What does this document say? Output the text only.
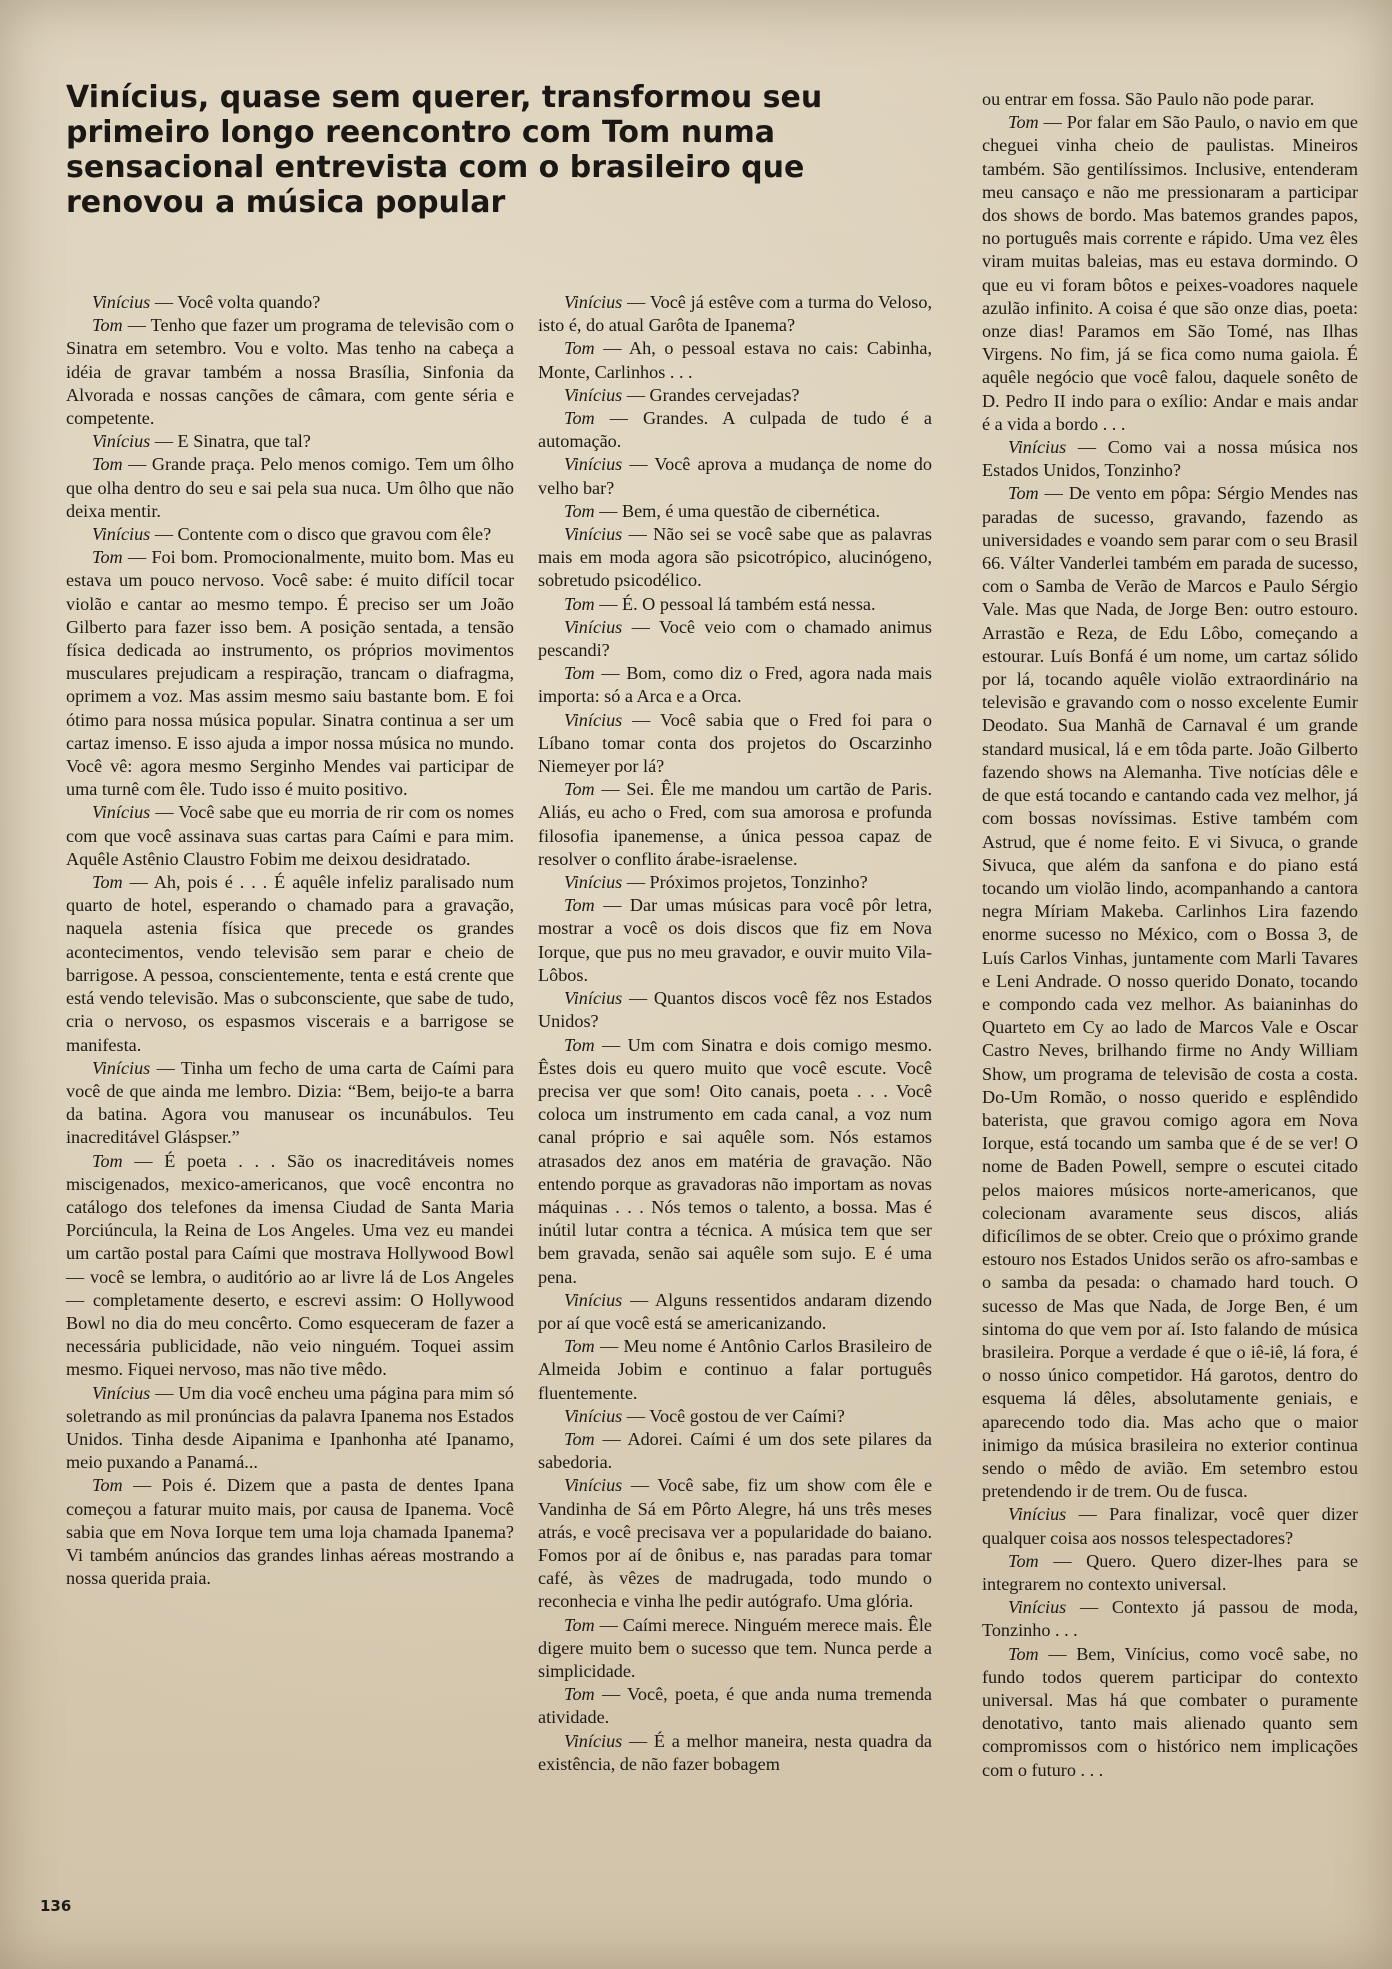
Vinícius, quase sem querer, transformou seu primeiro longo reencontro com Tom numa sensacional entrevista com o brasileiro que renovou a música popular

Vinícius — Você volta quando?

Tom — Tenho que fazer um programa de televisão com o Sinatra em setembro. Vou e volto. Mas tenho na cabeça a idéia de gravar também a nossa Brasília, Sinfonia da Alvorada e nossas canções de câmara, com gente séria e competente.

Vinícius — E Sinatra, que tal?

Tom — Grande praça. Pelo menos comigo. Tem um ôlho que olha dentro do seu e sai pela sua nuca. Um ôlho que não deixa mentir.

Vinícius — Contente com o disco que gravou com êle?

Tom — Foi bom. Promocionalmente, muito bom. Mas eu estava um pouco nervoso. Você sabe: é muito difícil tocar violão e cantar ao mesmo tempo. É preciso ser um João Gilberto para fazer isso bem. A posição sentada, a tensão física dedicada ao instrumento, os próprios movimentos musculares prejudicam a respiração, trancam o diafragma, oprimem a voz. Mas assim mesmo saiu bastante bom. E foi ótimo para nossa música popular. Sinatra continua a ser um cartaz imenso. E isso ajuda a impor nossa música no mundo. Você vê: agora mesmo Serginho Mendes vai participar de uma turnê com êle. Tudo isso é muito positivo.

Vinícius — Você sabe que eu morria de rir com os nomes com que você assinava suas cartas para Caími e para mim. Aquêle Astênio Claustro Fobim me deixou desidratado.

Tom — Ah, pois é . . . É aquêle infeliz paralisado num quarto de hotel, esperando o chamado para a gravação, naquela astenia física que precede os grandes acontecimentos, vendo televisão sem parar e cheio de barrigose. A pessoa, conscientemente, tenta e está crente que está vendo televisão. Mas o subconsciente, que sabe de tudo, cria o nervoso, os espasmos viscerais e a barrigose se manifesta.

Vinícius — Tinha um fecho de uma carta de Caími para você de que ainda me lembro. Dizia: “Bem, beijo-te a barra da batina. Agora vou manusear os incunábulos. Teu inacreditável Gláspser.”

Tom — É poeta . . . São os inacreditáveis nomes miscigenados, mexico-americanos, que você encontra no catálogo dos telefones da imensa Ciudad de Santa Maria Porciúncula, la Reina de Los Angeles. Uma vez eu mandei um cartão postal para Caími que mostrava Hollywood Bowl — você se lembra, o auditório ao ar livre lá de Los Angeles — completamente deserto, e escrevi assim: O Hollywood Bowl no dia do meu concêrto. Como esqueceram de fazer a necessária publicidade, não veio ninguém. Toquei assim mesmo. Fiquei nervoso, mas não tive mêdo.

Vinícius — Um dia você encheu uma página para mim só soletrando as mil pronúncias da palavra Ipanema nos Estados Unidos. Tinha desde Aipanima e Ipanhonha até Ipanamo, meio puxando a Panamá...

Tom — Pois é. Dizem que a pasta de dentes Ipana começou a faturar muito mais, por causa de Ipanema. Você sabia que em Nova Iorque tem uma loja chamada Ipanema? Vi também anúncios das grandes linhas aéreas mostrando a nossa querida praia.

Vinícius — Você já estêve com a turma do Veloso, isto é, do atual Garôta de Ipanema?

Tom — Ah, o pessoal estava no cais: Cabinha, Monte, Carlinhos . . .

Vinícius — Grandes cervejadas?

Tom — Grandes. A culpada de tudo é a automação.

Vinícius — Você aprova a mudança de nome do velho bar?

Tom — Bem, é uma questão de cibernética.

Vinícius — Não sei se você sabe que as palavras mais em moda agora são psicotrópico, alucinógeno, sobretudo psicodélico.

Tom — É. O pessoal lá também está nessa.

Vinícius — Você veio com o chamado animus pescandi?

Tom — Bom, como diz o Fred, agora nada mais importa: só a Arca e a Orca.

Vinícius — Você sabia que o Fred foi para o Líbano tomar conta dos projetos do Oscarzinho Niemeyer por lá?

Tom — Sei. Êle me mandou um cartão de Paris. Aliás, eu acho o Fred, com sua amorosa e profunda filosofia ipanemense, a única pessoa capaz de resolver o conflito árabe-israelense.

Vinícius — Próximos projetos, Tonzinho?

Tom — Dar umas músicas para você pôr letra, mostrar a você os dois discos que fiz em Nova Iorque, que pus no meu gravador, e ouvir muito Vila-Lôbos.

Vinícius — Quantos discos você fêz nos Estados Unidos?

Tom — Um com Sinatra e dois comigo mesmo. Êstes dois eu quero muito que você escute. Você precisa ver que som! Oito canais, poeta . . . Você coloca um instrumento em cada canal, a voz num canal próprio e sai aquêle som. Nós estamos atrasados dez anos em matéria de gravação. Não entendo porque as gravadoras não importam as novas máquinas . . . Nós temos o talento, a bossa. Mas é inútil lutar contra a técnica. A música tem que ser bem gravada, senão sai aquêle som sujo. E é uma pena.

Vinícius — Alguns ressentidos andaram dizendo por aí que você está se americanizando.

Tom — Meu nome é Antônio Carlos Brasileiro de Almeida Jobim e continuo a falar português fluentemente.

Vinícius — Você gostou de ver Caími?

Tom — Adorei. Caími é um dos sete pilares da sabedoria.

Vinícius — Você sabe, fiz um show com êle e Vandinha de Sá em Pôrto Alegre, há uns três meses atrás, e você precisava ver a popularidade do baiano. Fomos por aí de ônibus e, nas paradas para tomar café, às vêzes de madrugada, todo mundo o reconhecia e vinha lhe pedir autógrafo. Uma glória.

Tom — Caími merece. Ninguém merece mais. Êle digere muito bem o sucesso que tem. Nunca perde a simplicidade.

Tom — Você, poeta, é que anda numa tremenda atividade.

Vinícius — É a melhor maneira, nesta quadra da existência, de não fazer bobagem

ou entrar em fossa. São Paulo não pode parar.

Tom — Por falar em São Paulo, o navio em que cheguei vinha cheio de paulistas. Mineiros também. São gentilíssimos. Inclusive, entenderam meu cansaço e não me pressionaram a participar dos shows de bordo. Mas batemos grandes papos, no português mais corrente e rápido. Uma vez êles viram muitas baleias, mas eu estava dormindo. O que eu vi foram bôtos e peixes-voadores naquele azulão infinito. A coisa é que são onze dias, poeta: onze dias! Paramos em São Tomé, nas Ilhas Virgens. No fim, já se fica como numa gaiola. É aquêle negócio que você falou, daquele sonêto de D. Pedro II indo para o exílio: Andar e mais andar é a vida a bordo . . .

Vinícius — Como vai a nossa música nos Estados Unidos, Tonzinho?

Tom — De vento em pôpa: Sérgio Mendes nas paradas de sucesso, gravando, fazendo as universidades e voando sem parar com o seu Brasil 66. Válter Vanderlei também em parada de sucesso, com o Samba de Verão de Marcos e Paulo Sérgio Vale. Mas que Nada, de Jorge Ben: outro estouro. Arrastão e Reza, de Edu Lôbo, começando a estourar. Luís Bonfá é um nome, um cartaz sólido por lá, tocando aquêle violão extraordinário na televisão e gravando com o nosso excelente Eumir Deodato. Sua Manhã de Carnaval é um grande standard musical, lá e em tôda parte. João Gilberto fazendo shows na Alemanha. Tive notícias dêle e de que está tocando e cantando cada vez melhor, já com bossas novíssimas. Estive também com Astrud, que é nome feito. E vi Sivuca, o grande Sivuca, que além da sanfona e do piano está tocando um violão lindo, acompanhando a cantora negra Míriam Makeba. Carlinhos Lira fazendo enorme sucesso no México, com o Bossa 3, de Luís Carlos Vinhas, juntamente com Marli Tavares e Leni Andrade. O nosso querido Donato, tocando e compondo cada vez melhor. As baianinhas do Quarteto em Cy ao lado de Marcos Vale e Oscar Castro Neves, brilhando firme no Andy William Show, um programa de televisão de costa a costa. Do-Um Romão, o nosso querido e esplêndido baterista, que gravou comigo agora em Nova Iorque, está tocando um samba que é de se ver! O nome de Baden Powell, sempre o escutei citado pelos maiores músicos norte-americanos, que colecionam avaramente seus discos, aliás dificílimos de se obter. Creio que o próximo grande estouro nos Estados Unidos serão os afro-sambas e o samba da pesada: o chamado hard touch. O sucesso de Mas que Nada, de Jorge Ben, é um sintoma do que vem por aí. Isto falando de música brasileira. Porque a verdade é que o iê-iê, lá fora, é o nosso único competidor. Há garotos, dentro do esquema lá dêles, absolutamente geniais, e aparecendo todo dia. Mas acho que o maior inimigo da música brasileira no exterior continua sendo o mêdo de avião. Em setembro estou pretendendo ir de trem. Ou de fusca.

Vinícius — Para finalizar, você quer dizer qualquer coisa aos nossos telespectadores?

Tom — Quero. Quero dizer-lhes para se integrarem no contexto universal.

Vinícius — Contexto já passou de moda, Tonzinho . . .

Tom — Bem, Vinícius, como você sabe, no fundo todos querem participar do contexto universal. Mas há que combater o puramente denotativo, tanto mais alienado quanto sem compromissos com o histórico nem implicações com o futuro . . .

136
